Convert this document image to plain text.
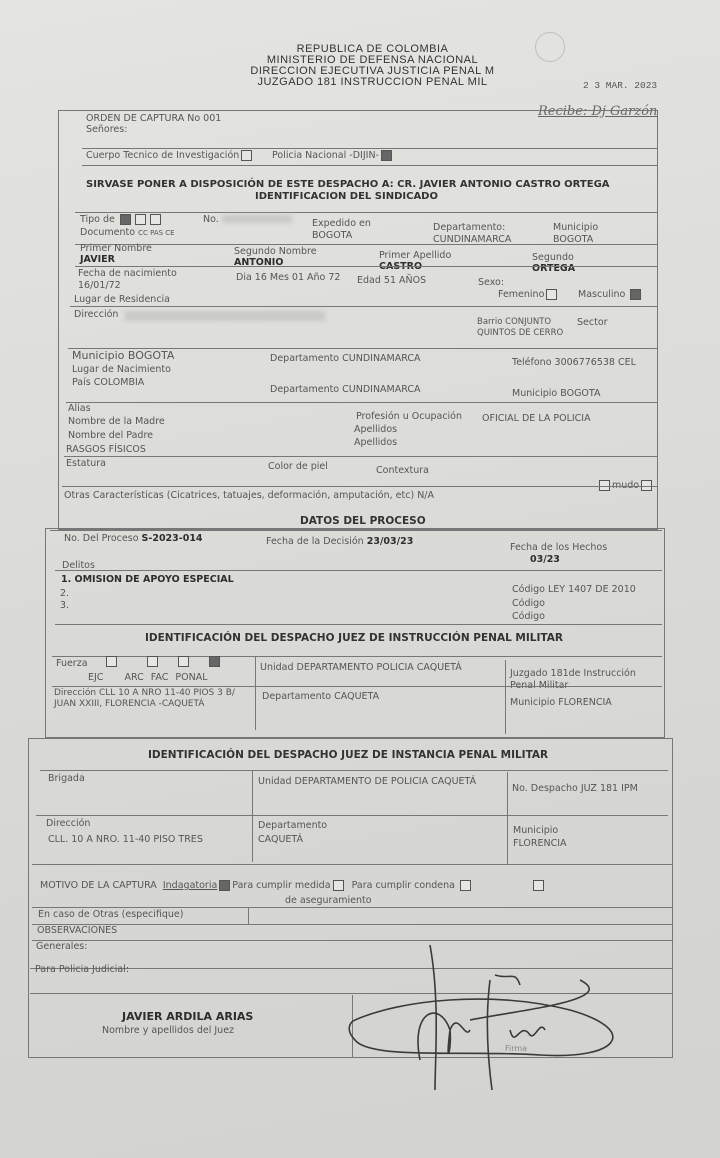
REPUBLICA DE COLOMBIA
MINISTERIO DE DEFENSA NACIONAL
DIRECCION EJECUTIVA JUSTICIA PENAL M
JUZGADO 181 INSTRUCCION PENAL MIL	2 3 MAR. 2023
Recibe: Dj Garzón
ORDEN DE CAPTURA No 001
Señores:
Cuerpo Tecnico de Investigación	Policia Nacional -DIJIN-
SIRVASE PONER A DISPOSICIÓN DE ESTE DESPACHO A: CR. JAVIER ANTONIO CASTRO ORTEGA
IDENTIFICACION DEL SINDICADO
Tipo de
Documento CC PAS CE
No.	Expedido en
BOGOTA
Departamento:
CUNDINAMARCA
Municipio
BOGOTA
Primer Nombre
JAVIER
Segundo Nombre
ANTONIO
Primer Apellido
CASTRO
Segundo
ORTEGA
Fecha de nacimiento
16/01/72
Dia 16 Mes 01 Año 72 Edad 51 AÑOS	Sexo:
Femenino	Masculino
Lugar de Residencia
Dirección
Barrio CONJUNTO QUINTOS DE CERRO
Sector
Municipio BOGOTA	Departamento CUNDINAMARCA	Teléfono 3006776538 CEL
Lugar de Nacimiento
País COLOMBIA
Departamento CUNDINAMARCA	Municipio BOGOTA
Alias
Nombre de la Madre
Nombre del Padre
Profesión u Ocupación OFICIAL DE LA POLICIA
Apellidos
Apellidos
RASGOS FÍSICOS
Estatura	Color de piel	Contextura
mudo
Otras Características (Cicatrices, tatuajes, deformación, amputación, etc) N/A
DATOS DEL PROCESO
No. Del Proceso S-2023-014	Fecha de la Decisión 23/03/23
Fecha de los Hechos
03/23
Delitos
1. OMISION DE APOYO ESPECIAL
2.
3.
Código LEY 1407 DE 2010
Código
Código
IDENTIFICACIÓN DEL DESPACHO JUEZ DE INSTRUCCIÓN PENAL MILITAR
Fuerza
EJC ARC FAC PONAL
Unidad DEPARTAMENTO POLICIA CAQUETÁ
Juzgado 181de Instrucción Penal Militar
Dirección CLL 10 A NRO 11-40 PIOS 3 B/ JUAN XXIII, FLORENCIA -CAQUETÁ
Departamento CAQUETA
Municipio FLORENCIA
IDENTIFICACIÓN DEL DESPACHO JUEZ DE INSTANCIA PENAL MILITAR
Brigada	Unidad DEPARTAMENTO DE POLICIA CAQUETÁ
No. Despacho JUZ 181 IPM
Dirección
CLL. 10 A NRO. 11-40 PISO TRES
Departamento
CAQUETÁ
Municipio
FLORENCIA
MOTIVO DE LA CAPTURA Indagatoria Para cumplir medida Para cumplir condena
de aseguramiento
En caso de Otras (especifique)
OBSERVACIONES
Generales:
Para Policia Judicial:
JAVIER ARDILA ARIAS
Nombre y apellidos del Juez
Firma
